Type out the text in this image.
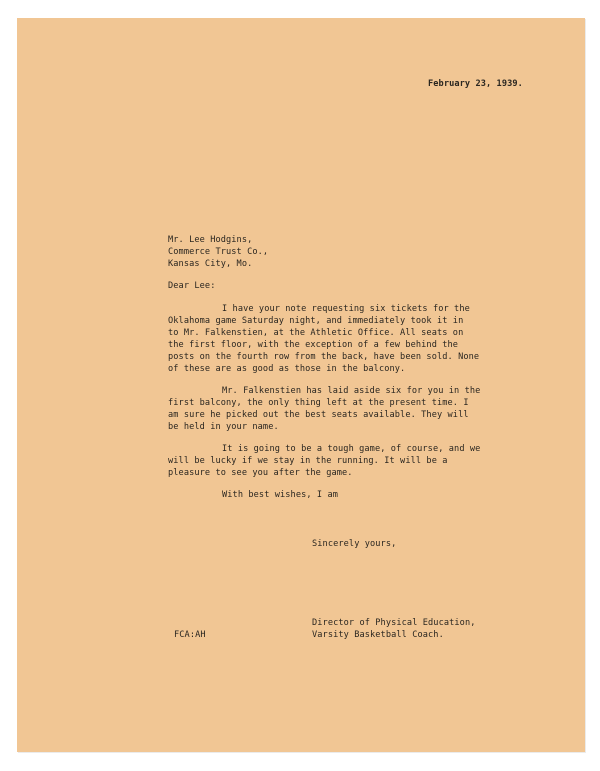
February 23, 1939.

Mr. Lee Hodgins,

Commerce Trust Co.,

Kansas City, Mo.

Dear Lee:

I have your note requesting six tickets for the

Oklahoma game Saturday night, and immediately took it in

to Mr. Falkenstien, at the Athletic Office. All seats on

the first floor, with the exception of a few behind the

posts on the fourth row from the back, have been sold. None

of these are as good as those in the balcony.

Mr. Falkenstien has laid aside six for you in the

first balcony, the only thing left at the present time. I

am sure he picked out the best seats available. They will

be held in your name.

It is going to be a tough game, of course, and we

will be lucky if we stay in the running. It will be a

pleasure to see you after the game.

With best wishes, I am

Sincerely yours,

Director of Physical Education,

Varsity Basketball Coach.

FCA:AH
